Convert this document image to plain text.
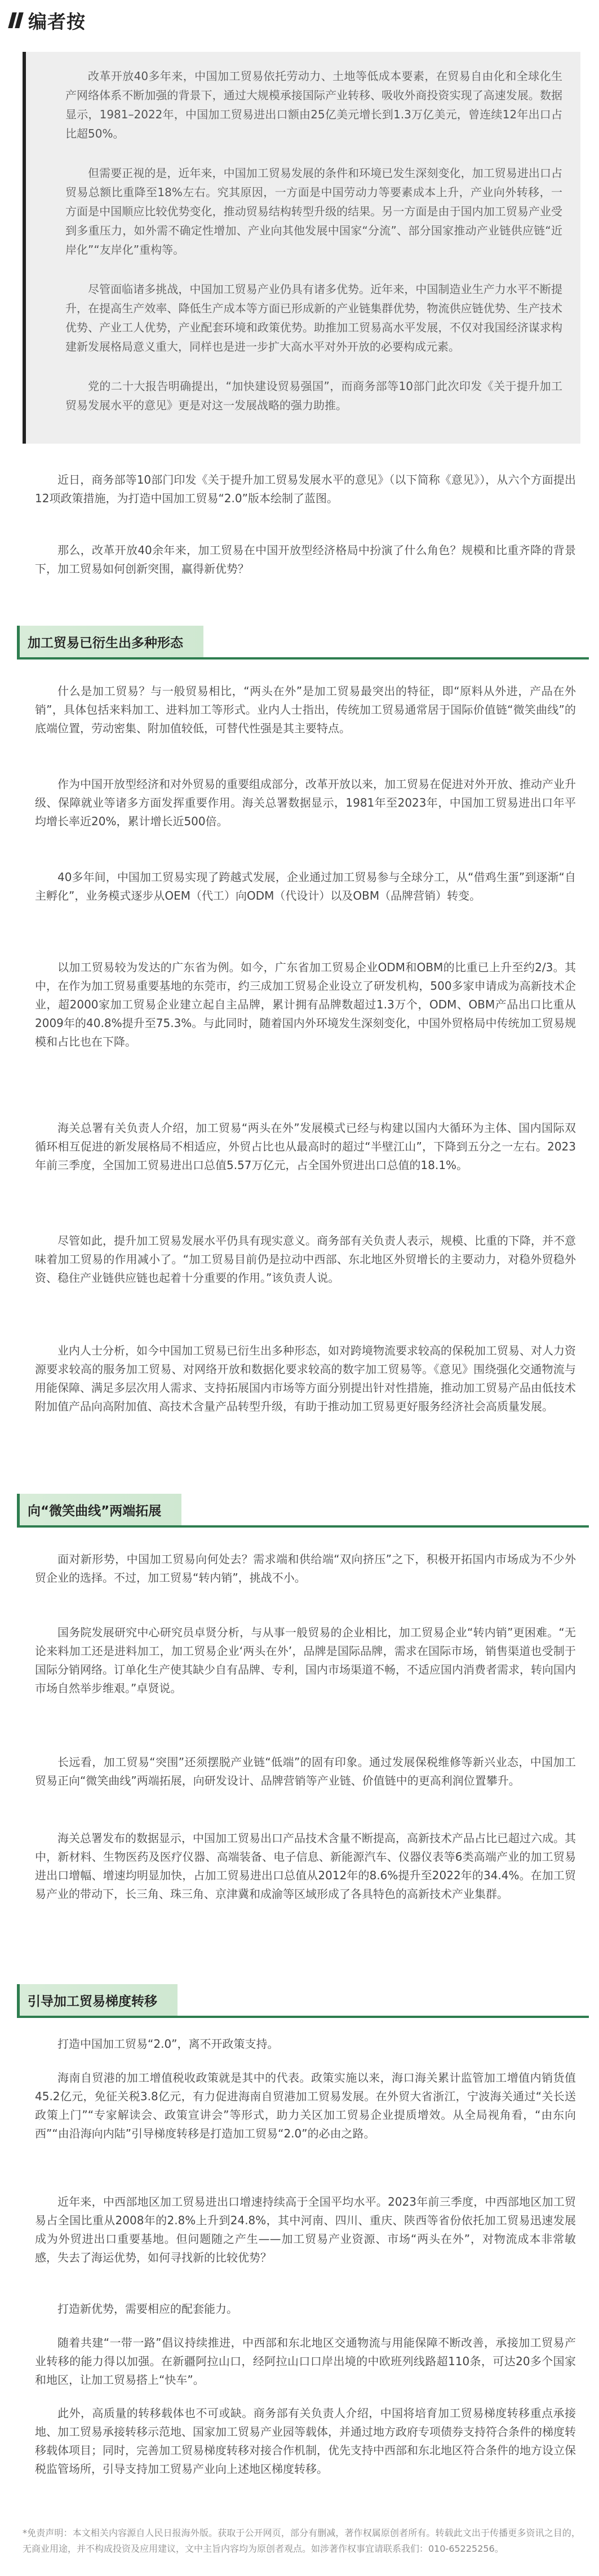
编者按

改革开放40多年来，中国加工贸易依托劳动力、土地等低成本要素，在贸易自由化和全球化生产网络体系不断加强的背景下，通过大规模承接国际产业转移、吸收外商投资实现了高速发展。数据显示，1981–2022年，中国加工贸易进出口额由25亿美元增长到1.3万亿美元，曾连续12年出口占比超50%。

但需要正视的是，近年来，中国加工贸易发展的条件和环境已发生深刻变化，加工贸易进出口占贸易总额比重降至18%左右。究其原因，一方面是中国劳动力等要素成本上升，产业向外转移，一方面是中国顺应比较优势变化，推动贸易结构转型升级的结果。另一方面是由于国内加工贸易产业受到多重压力，如外需不确定性增加、产业向其他发展中国家“分流”、部分国家推动产业链供应链“近岸化”“友岸化”重构等。

尽管面临诸多挑战，中国加工贸易产业仍具有诸多优势。近年来，中国制造业生产力水平不断提升，在提高生产效率、降低生产成本等方面已形成新的产业链集群优势，物流供应链优势、生产技术优势、产业工人优势，产业配套环境和政策优势。助推加工贸易高水平发展，不仅对我国经济谋求构建新发展格局意义重大，同样也是进一步扩大高水平对外开放的必要构成元素。

党的二十大报告明确提出，“加快建设贸易强国”，而商务部等10部门此次印发《关于提升加工贸易发展水平的意见》更是对这一发展战略的强力助推。

近日，商务部等10部门印发《关于提升加工贸易发展水平的意见》（以下简称《意见》），从六个方面提出12项政策措施，为打造中国加工贸易“2.0”版本绘制了蓝图。

那么，改革开放40余年来，加工贸易在中国开放型经济格局中扮演了什么角色？规模和比重齐降的背景下，加工贸易如何创新突围，赢得新优势？

加工贸易已衍生出多种形态

什么是加工贸易？与一般贸易相比，“两头在外”是加工贸易最突出的特征，即“原料从外进，产品在外销”，具体包括来料加工、进料加工等形式。业内人士指出，传统加工贸易通常居于国际价值链“微笑曲线”的底端位置，劳动密集、附加值较低，可替代性强是其主要特点。

作为中国开放型经济和对外贸易的重要组成部分，改革开放以来，加工贸易在促进对外开放、推动产业升级、保障就业等诸多方面发挥重要作用。海关总署数据显示，1981年至2023年，中国加工贸易进出口年平均增长率近20%，累计增长近500倍。

40多年间，中国加工贸易实现了跨越式发展，企业通过加工贸易参与全球分工，从“借鸡生蛋”到逐渐“自主孵化”，业务模式逐步从OEM（代工）向ODM（代设计）以及OBM（品牌营销）转变。

以加工贸易较为发达的广东省为例。如今，广东省加工贸易企业ODM和OBM的比重已上升至约2/3。其中，在作为加工贸易重要基地的东莞市，约三成加工贸易企业设立了研发机构，500多家申请成为高新技术企业，超2000家加工贸易企业建立起自主品牌，累计拥有品牌数超过1.3万个，ODM、OBM产品出口比重从2009年的40.8%提升至75.3%。与此同时，随着国内外环境发生深刻变化，中国外贸格局中传统加工贸易规模和占比也在下降。

海关总署有关负责人介绍，加工贸易“两头在外”发展模式已经与构建以国内大循环为主体、国内国际双循环相互促进的新发展格局不相适应，外贸占比也从最高时的超过“半壁江山”，下降到五分之一左右。2023年前三季度，全国加工贸易进出口总值5.57万亿元，占全国外贸进出口总值的18.1%。

尽管如此，提升加工贸易发展水平仍具有现实意义。商务部有关负责人表示，规模、比重的下降，并不意味着加工贸易的作用减小了。“加工贸易目前仍是拉动中西部、东北地区外贸增长的主要动力，对稳外贸稳外资、稳住产业链供应链也起着十分重要的作用。”该负责人说。

业内人士分析，如今中国加工贸易已衍生出多种形态，如对跨境物流要求较高的保税加工贸易、对人力资源要求较高的服务加工贸易、对网络开放和数据化要求较高的数字加工贸易等。《意见》围绕强化交通物流与用能保障、满足多层次用人需求、支持拓展国内市场等方面分别提出针对性措施，推动加工贸易产品由低技术附加值产品向高附加值、高技术含量产品转型升级，有助于推动加工贸易更好服务经济社会高质量发展。

向“微笑曲线”两端拓展

面对新形势，中国加工贸易向何处去？需求端和供给端“双向挤压”之下，积极开拓国内市场成为不少外贸企业的选择。不过，加工贸易“转内销”，挑战不小。

国务院发展研究中心研究员卓贤分析，与从事一般贸易的企业相比，加工贸易企业“转内销”更困难。“无论来料加工还是进料加工，加工贸易企业‘两头在外’，品牌是国际品牌，需求在国际市场，销售渠道也受制于国际分销网络。订单化生产使其缺少自有品牌、专利，国内市场渠道不畅，不适应国内消费者需求，转向国内市场自然举步维艰。”卓贤说。

长远看，加工贸易“突围”还须摆脱产业链“低端”的固有印象。通过发展保税维修等新兴业态，中国加工贸易正向“微笑曲线”两端拓展，向研发设计、品牌营销等产业链、价值链中的更高利润位置攀升。

海关总署发布的数据显示，中国加工贸易出口产品技术含量不断提高，高新技术产品占比已超过六成。其中，新材料、生物医药及医疗仪器、高端装备、电子信息、新能源汽车、仪器仪表等6类高端产业的加工贸易进出口增幅、增速均明显加快，占加工贸易进出口总值从2012年的8.6%提升至2022年的34.4%。在加工贸易产业的带动下，长三角、珠三角、京津冀和成渝等区域形成了各具特色的高新技术产业集群。

引导加工贸易梯度转移

打造中国加工贸易“2.0”，离不开政策支持。

海南自贸港的加工增值税收政策就是其中的代表。政策实施以来，海口海关累计监管加工增值内销货值45.2亿元，免征关税3.8亿元，有力促进海南自贸港加工贸易发展。在外贸大省浙江，宁波海关通过“关长送政策上门”“专家解读会、政策宣讲会”等形式，助力关区加工贸易企业提质增效。从全局视角看，“由东向西”“由沿海向内陆”引导梯度转移是打造加工贸易“2.0”的必由之路。

近年来，中西部地区加工贸易进出口增速持续高于全国平均水平。2023年前三季度，中西部地区加工贸易占全国比重从2008年的2.8%上升到24.8%，其中河南、四川、重庆、陕西等省份依托加工贸易迅速发展成为外贸进出口重要基地。但问题随之产生——加工贸易产业资源、市场“两头在外”，对物流成本非常敏感，失去了海运优势，如何寻找新的比较优势？

打造新优势，需要相应的配套能力。

随着共建“一带一路”倡议持续推进，中西部和东北地区交通物流与用能保障不断改善，承接加工贸易产业转移的能力得以加强。在新疆阿拉山口，经阿拉山口口岸出境的中欧班列线路超110条，可达20多个国家和地区，让加工贸易搭上“快车”。

此外，高质量的转移载体也不可或缺。商务部有关负责人介绍，中国将培育加工贸易梯度转移重点承接地、加工贸易承接转移示范地、国家加工贸易产业园等载体，并通过地方政府专项债券支持符合条件的梯度转移载体项目；同时，完善加工贸易梯度转移对接合作机制，优先支持中西部和东北地区符合条件的地方设立保税监管场所，引导支持加工贸易产业向上述地区梯度转移。

*免责声明：本文相关内容源自人民日报海外版。获取于公开网页，部分有删减，著作权属原创者所有。转载此文出于传播更多资讯之目的，无商业用途，并不构成投资及应用建议，文中主旨内容均为原创者观点。如涉著作权事宜请联系我们：010-65225256。
